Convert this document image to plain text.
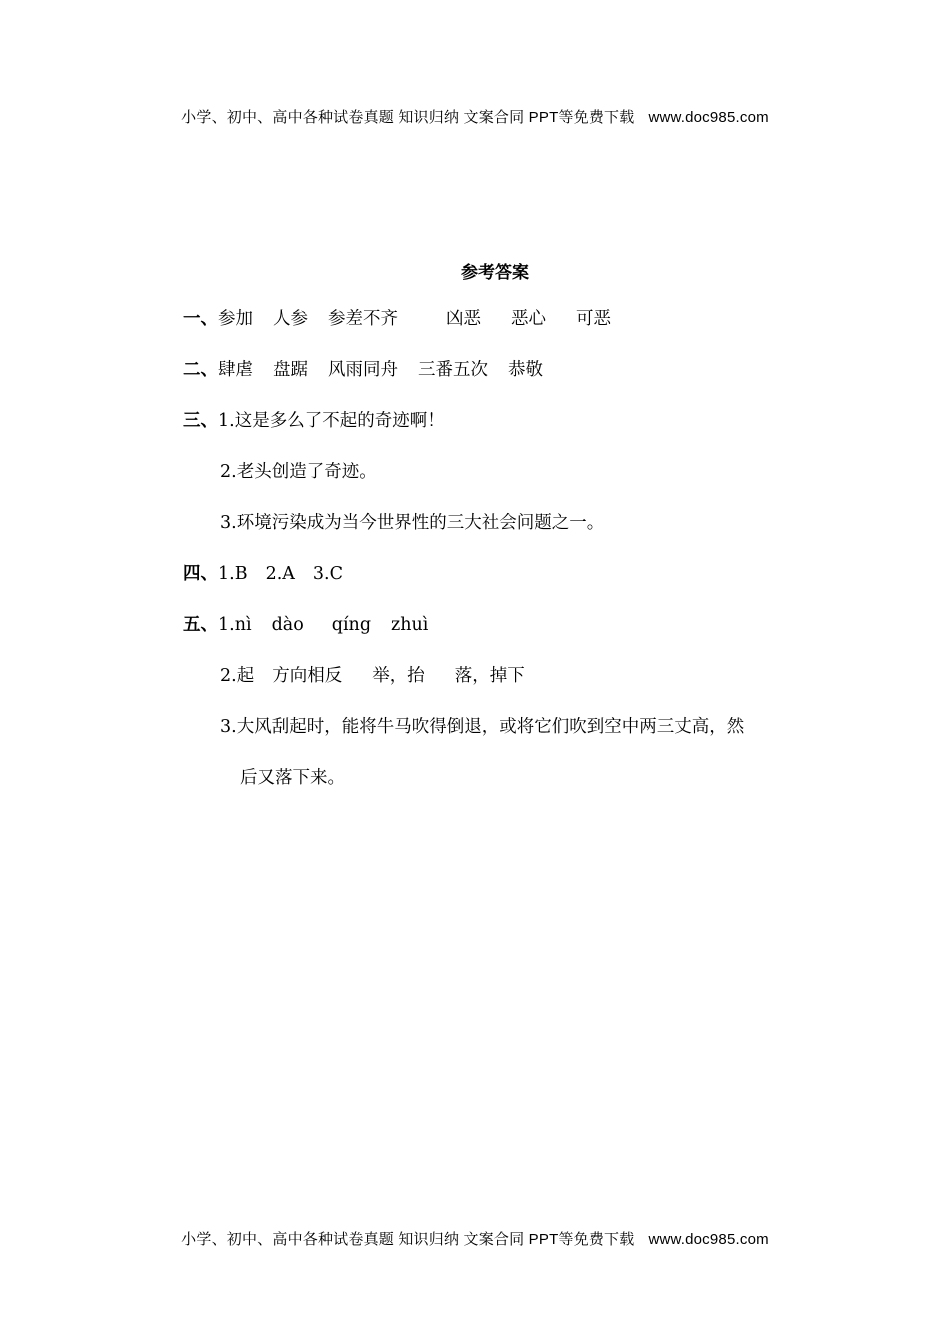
小学、初中、高中各种试卷真题 知识归纳 文案合同 PPT等免费下载 www.doc985.com
参考答案
一、参加 人参 参差不齐	凶恶 恶心 可恶
二、肆虐 盘踞 风雨同舟 三番五次 恭敬
三、1.这是多么了不起的奇迹啊！
2.老头创造了奇迹。
3.环境污染成为当今世界性的三大社会问题之一。
四、1.B 2.A 3.C
五、1.nì dào qíng zhuì
2.起 方向相反 举，抬 落，掉下
3.大风刮起时，能将牛马吹得倒退，或将它们吹到空中两三丈高，然
后又落下来。
小学、初中、高中各种试卷真题 知识归纳 文案合同 PPT等免费下载 www.doc985.com
